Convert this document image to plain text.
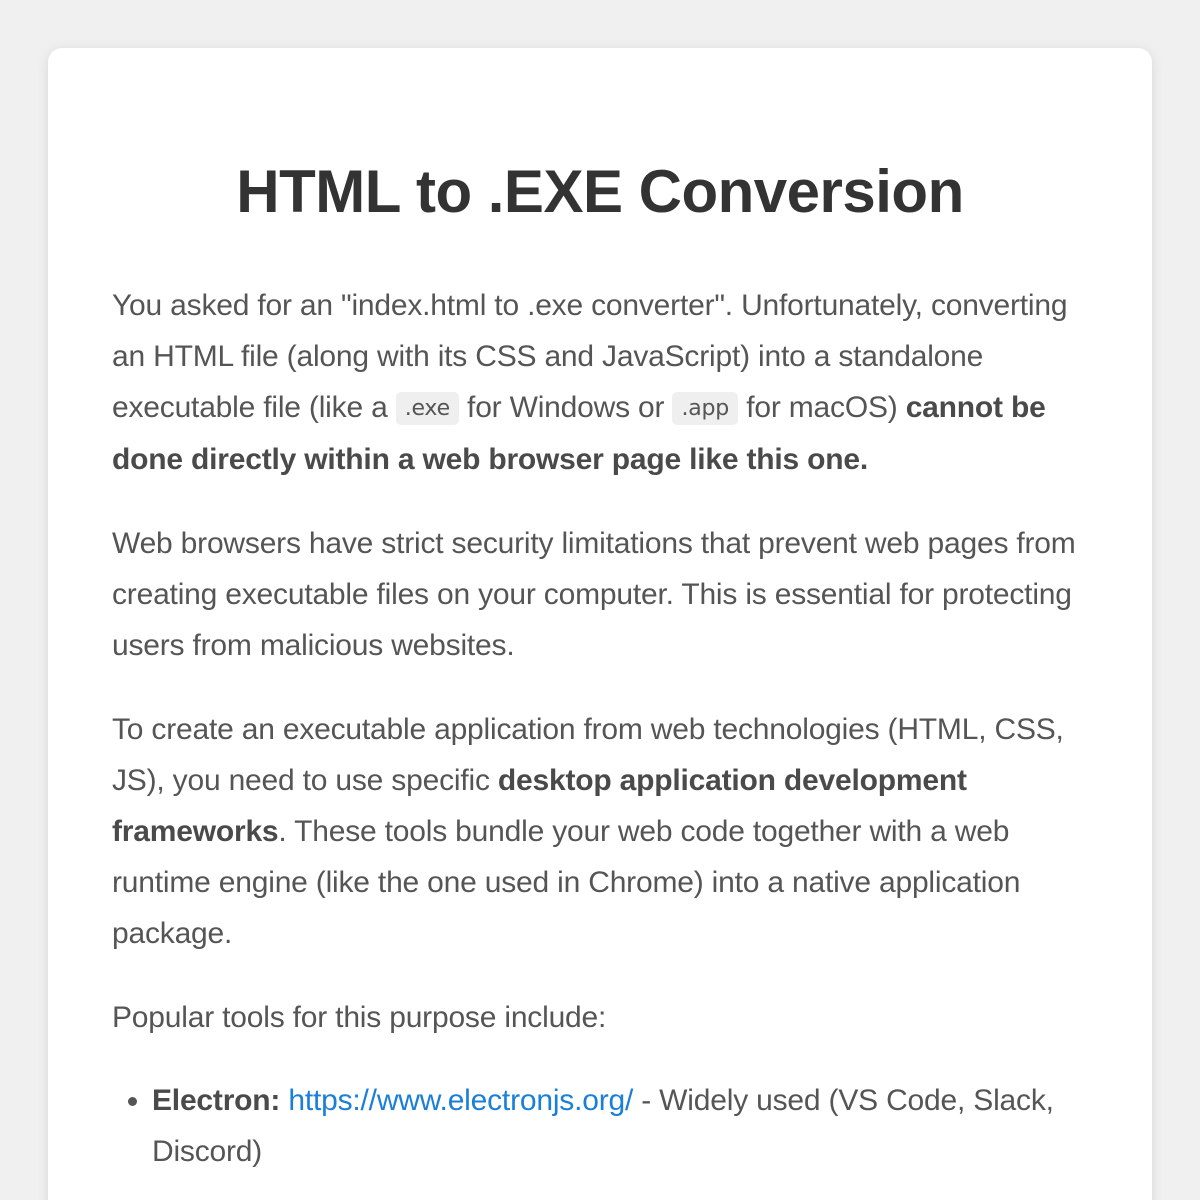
HTML to .EXE Conversion

You asked for an "index.html to .exe converter". Unfortunately, converting an HTML file (along with its CSS and JavaScript) into a standalone executable file (like a .exe for Windows or .app for macOS) cannot be done directly within a web browser page like this one.

Web browsers have strict security limitations that prevent web pages from creating executable files on your computer. This is essential for protecting users from malicious websites.

To create an executable application from web technologies (HTML, CSS, JS), you need to use specific desktop application development frameworks. These tools bundle your web code together with a web runtime engine (like the one used in Chrome) into a native application package.

Popular tools for this purpose include:

• Electron: https://www.electronjs.org/ - Widely used (VS Code, Slack, Discord)
